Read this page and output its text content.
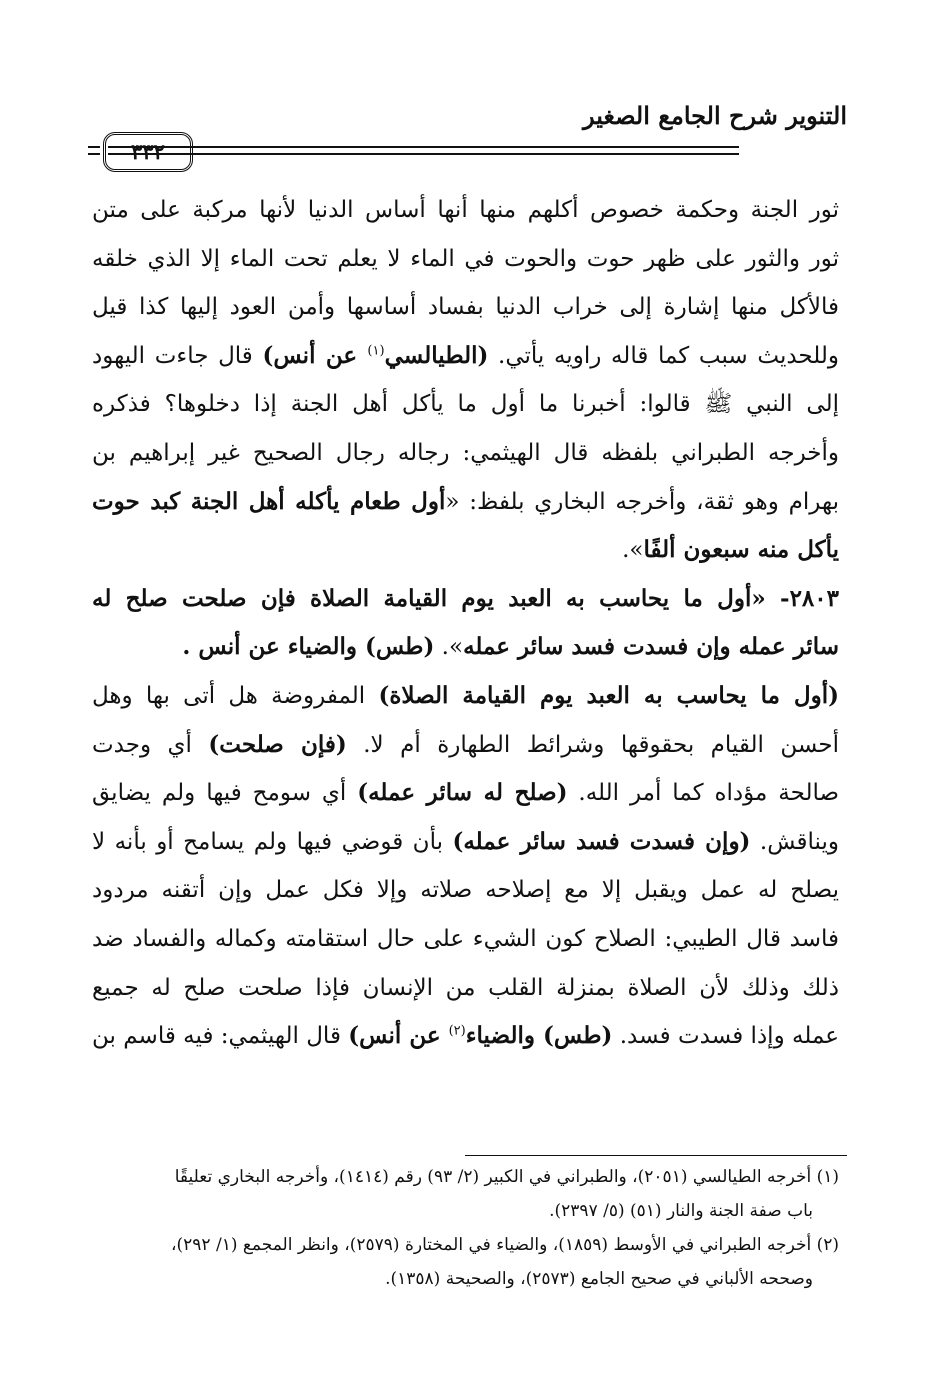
التنوير شرح الجامع الصغير
٣٣٢
ثور الجنة وحكمة خصوص أكلهم منها أنها أساس الدنيا لأنها مركبة على متن
ثور والثور على ظهر حوت والحوت في الماء لا يعلم تحت الماء إلا الذي خلقه
فالأكل منها إشارة إلى خراب الدنيا بفساد أساسها وأمن العود إليها كذا قيل
وللحديث سبب كما قاله راويه يأتي. (الطيالسي$^{(١)}$ عن أنس) قال جاءت اليهود
إلى النبي ﷺ قالوا: أخبرنا ما أول ما يأكل أهل الجنة إذا دخلوها؟ فذكره
وأخرجه الطبراني بلفظه قال الهيثمي: رجاله رجال الصحيح غير إبراهيم بن
بهرام وهو ثقة، وأخرجه البخاري بلفظ: «أول طعام يأكله أهل الجنة كبد حوت
يأكل منه سبعون ألفًا».
٢٨٠٣- «أول ما يحاسب به العبد يوم القيامة الصلاة فإن صلحت صلح له
سائر عمله وإن فسدت فسد سائر عمله». (طس) والضياء عن أنس .
(أول ما يحاسب به العبد يوم القيامة الصلاة) المفروضة هل أتى بها وهل
أحسن القيام بحقوقها وشرائط الطهارة أم لا. (فإن صلحت) أي وجدت
صالحة مؤداه كما أمر الله. (صلح له سائر عمله) أي سومح فيها ولم يضايق
ويناقش. (وإن فسدت فسد سائر عمله) بأن قوضي فيها ولم يسامح أو بأنه لا
يصلح له عمل ويقبل إلا مع إصلاحه صلاته وإلا فكل عمل وإن أتقنه مردود
فاسد قال الطيبي: الصلاح كون الشيء على حال استقامته وكماله والفساد ضد
ذلك وذلك لأن الصلاة بمنزلة القلب من الإنسان فإذا صلحت صلح له جميع
عمله وإذا فسدت فسد. (طس) والضياء$^{(٢)}$ عن أنس) قال الهيثمي: فيه قاسم بن
(١) أخرجه الطيالسي (٢٠٥١)، والطبراني في الكبير (٢/ ٩٣) رقم (١٤١٤)، وأخرجه البخاري تعليقًا
باب صفة الجنة والنار (٥١) (٥/ ٢٣٩٧).
(٢) أخرجه الطبراني في الأوسط (١٨٥٩)، والضياء في المختارة (٢٥٧٩)، وانظر المجمع (١/ ٢٩٢)،
وصححه الألباني في صحيح الجامع (٢٥٧٣)، والصحيحة (١٣٥٨).
